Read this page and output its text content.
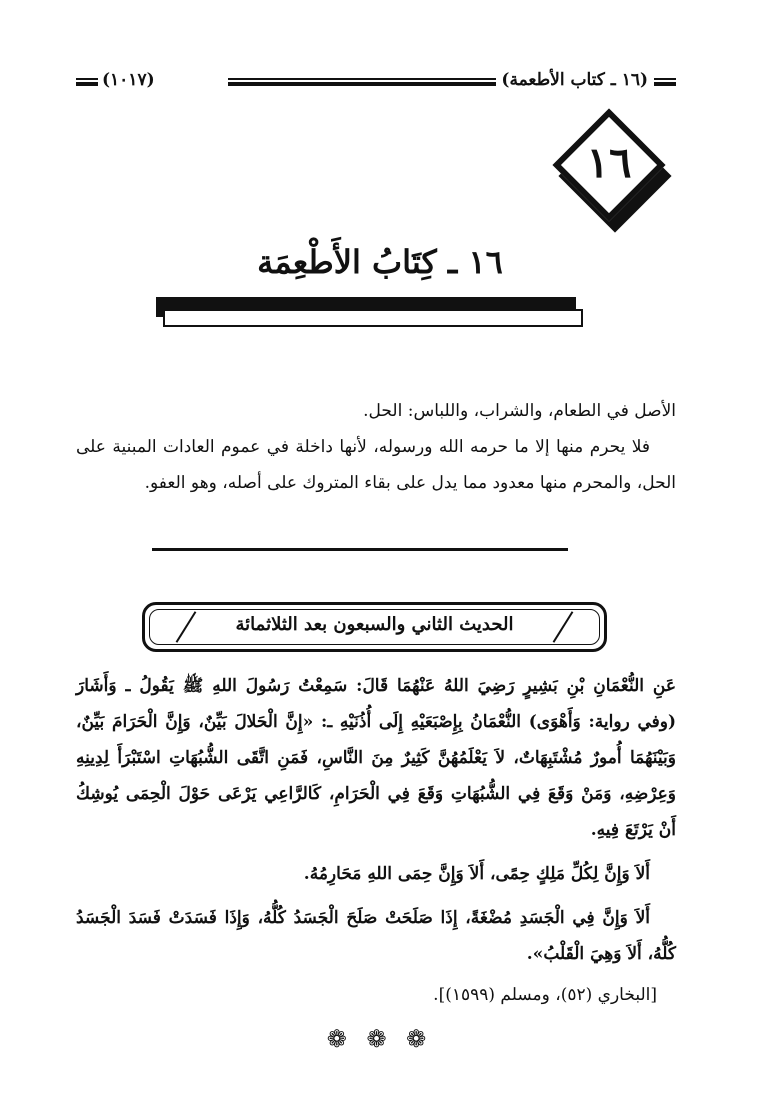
(١٦ ـ كتاب الأطعمة)
(١٠١٧)
١٦
١٦ ـ كِتَابُ الأَطْعِمَة

الأصل في الطعام، والشراب، واللباس: الحل.

فلا يحرم منها إلا ما حرمه الله ورسوله، لأنها داخلة في عموم العادات المبنية على الحل، والمحرم منها معدود مما يدل على بقاء المتروك على أصله، وهو العفو.

الحديث الثاني والسبعون بعد الثلاثمائة

عَنِ النُّعْمَانِ بْنِ بَشِيرٍ رَضِيَ اللهُ عَنْهُمَا قَالَ: سَمِعْتُ رَسُولَ اللهِ ﷺ يَقُولُ ـ وَأَشَارَ (وفي رواية: وَأَهْوَى) النُّعْمَانُ بِإِصْبَعَيْهِ إِلَى أُذُنَيْهِ ـ: «إِنَّ الْحَلالَ بَيِّنٌ، وَإِنَّ الْحَرَامَ بَيِّنٌ، وَبَيْنَهُمَا أُمورٌ مُشْتَبِهَاتٌ، لاَ يَعْلَمُهُنَّ كَثِيرٌ مِنَ النَّاسِ، فَمَنِ اتَّقَى الشُّبُهَاتِ اسْتَبْرَأَ لِدِينِهِ وَعِرْضِهِ، وَمَنْ وَقَعَ فِي الشُّبُهَاتِ وَقَعَ فِي الْحَرَامِ، كَالرَّاعِي يَرْعَى حَوْلَ الْحِمَى يُوشِكُ أَنْ يَرْتَعَ فِيهِ.

أَلاَ وَإِنَّ لِكُلِّ مَلِكٍ حِمًى، أَلاَ وَإِنَّ حِمَى اللهِ مَحَارِمُهُ.

أَلاَ وَإِنَّ فِي الْجَسَدِ مُضْغَةً، إِذَا صَلَحَتْ صَلَحَ الْجَسَدُ كُلُّهُ، وَإِذَا فَسَدَتْ فَسَدَ الْجَسَدُ كُلُّهُ، أَلاَ وَهِيَ الْقَلْبُ».

[البخاري (٥٢)، ومسلم (١٥٩٩)].

❁ ❁ ❁
